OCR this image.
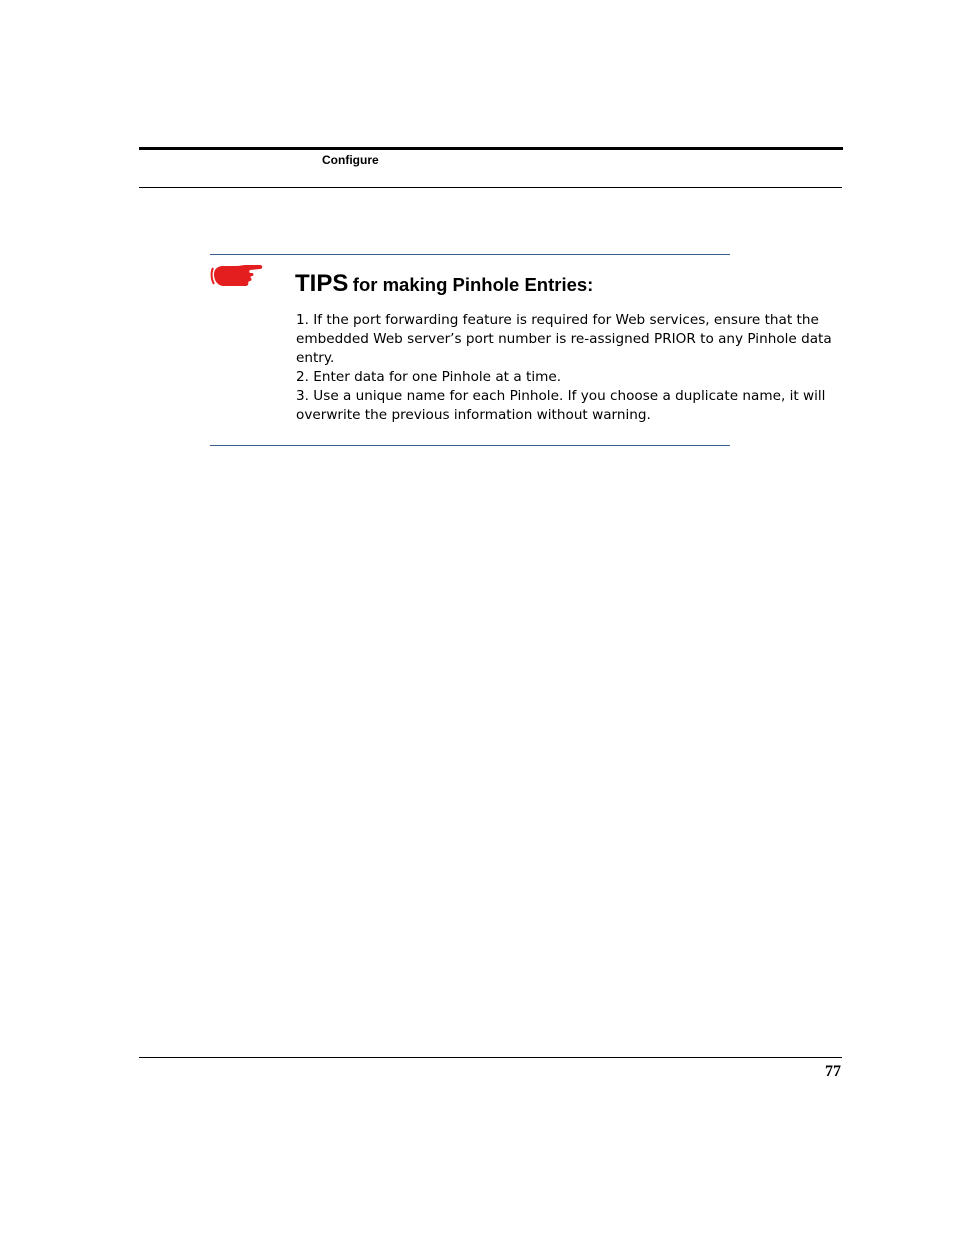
Configure
TIPS for making Pinhole Entries:

1. If the port forwarding feature is required for Web services, ensure that the embedded Web server’s port number is re-assigned PRIOR to any Pinhole data entry.

2. Enter data for one Pinhole at a time.

3. Use a unique name for each Pinhole. If you choose a duplicate name, it will overwrite the previous information without warning.

77
